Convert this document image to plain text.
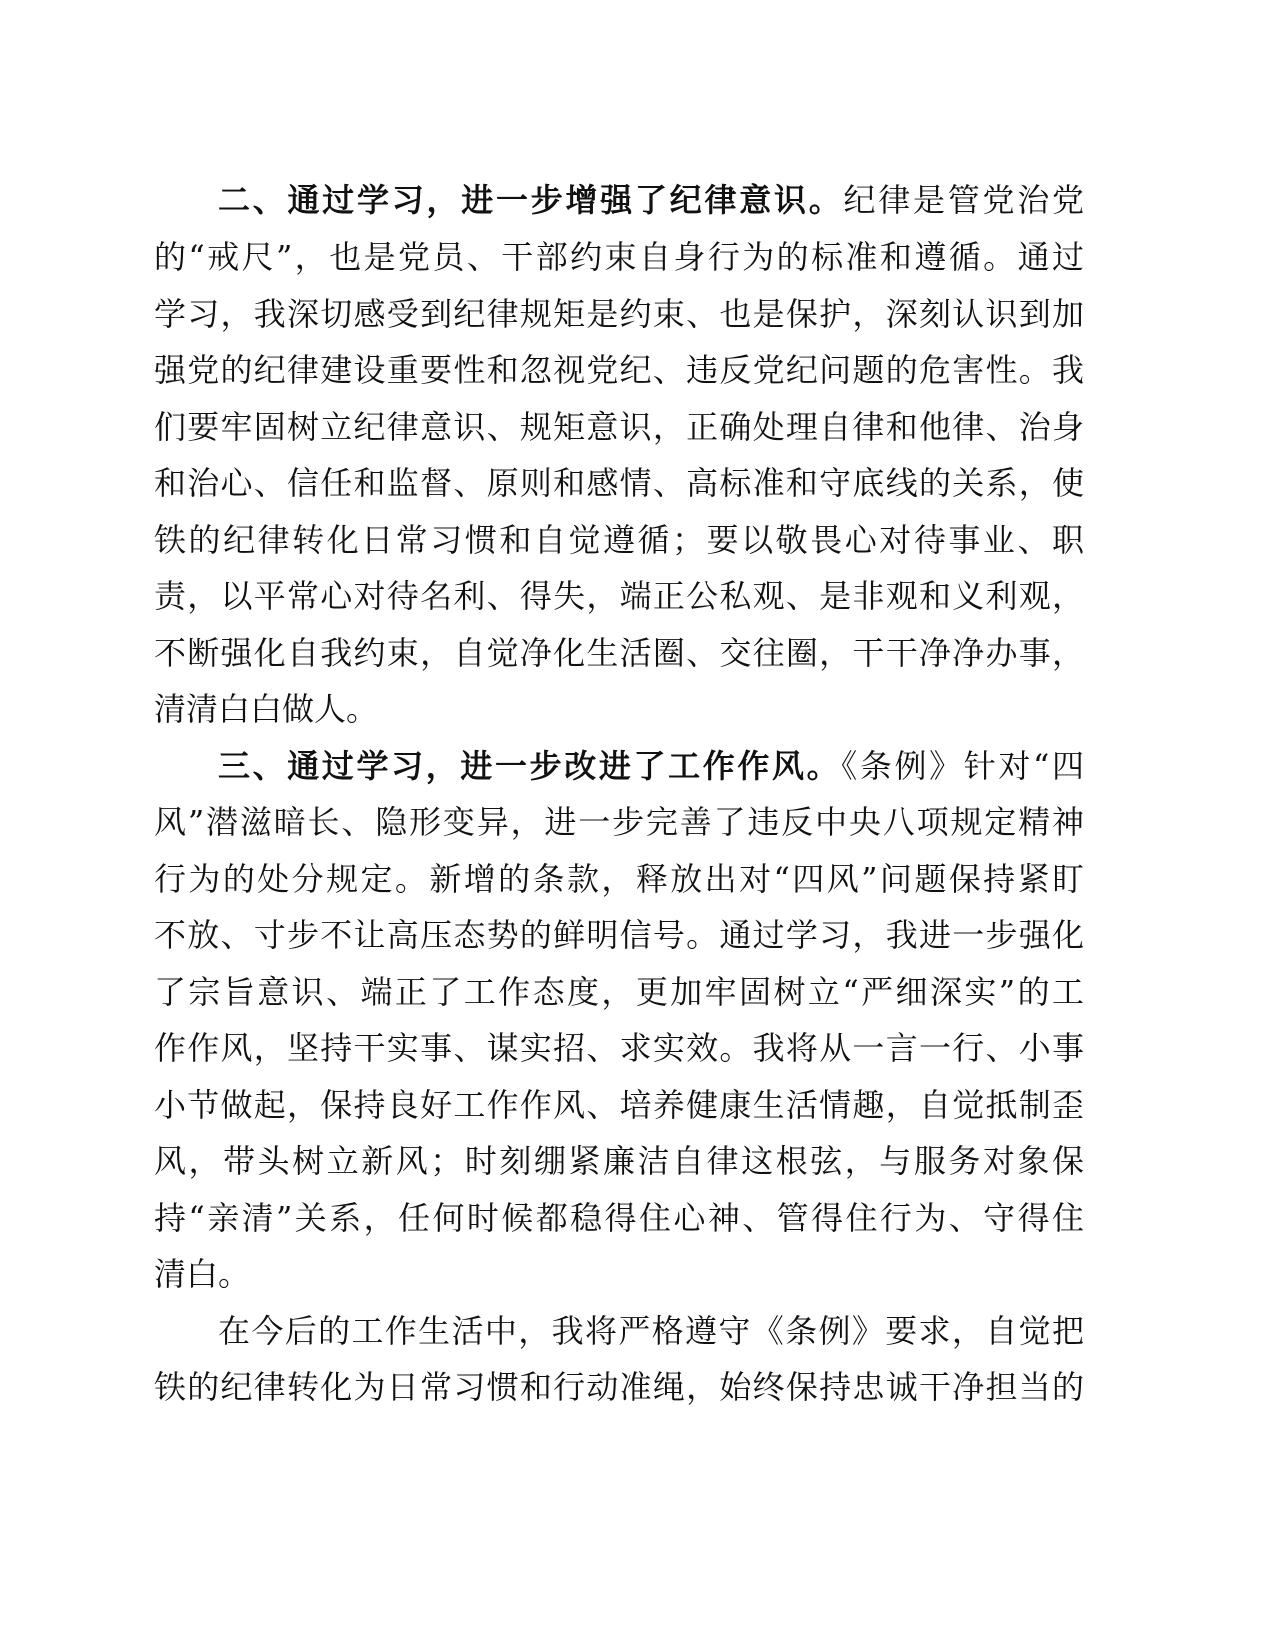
二、通过学习，进一步增强了纪律意识。纪律是管党治党
的“戒尺”，也是党员、干部约束自身行为的标准和遵循。通过
学习，我深切感受到纪律规矩是约束、也是保护，深刻认识到加
强党的纪律建设重要性和忽视党纪、违反党纪问题的危害性。我
们要牢固树立纪律意识、规矩意识，正确处理自律和他律、治身
和治心、信任和监督、原则和感情、高标准和守底线的关系，使
铁的纪律转化日常习惯和自觉遵循；要以敬畏心对待事业、职
责，以平常心对待名利、得失，端正公私观、是非观和义利观，
不断强化自我约束，自觉净化生活圈、交往圈，干干净净办事，
清清白白做人。
三、通过学习，进一步改进了工作作风。《条例》针对“四
风”潜滋暗长、隐形变异，进一步完善了违反中央八项规定精神
行为的处分规定。新增的条款，释放出对“四风”问题保持紧盯
不放、寸步不让高压态势的鲜明信号。通过学习，我进一步强化
了宗旨意识、端正了工作态度，更加牢固树立“严细深实”的工
作作风，坚持干实事、谋实招、求实效。我将从一言一行、小事
小节做起，保持良好工作作风、培养健康生活情趣，自觉抵制歪
风，带头树立新风；时刻绷紧廉洁自律这根弦，与服务对象保
持“亲清”关系，任何时候都稳得住心神、管得住行为、守得住
清白。
在今后的工作生活中，我将严格遵守《条例》要求，自觉把
铁的纪律转化为日常习惯和行动准绳，始终保持忠诚干净担当的
